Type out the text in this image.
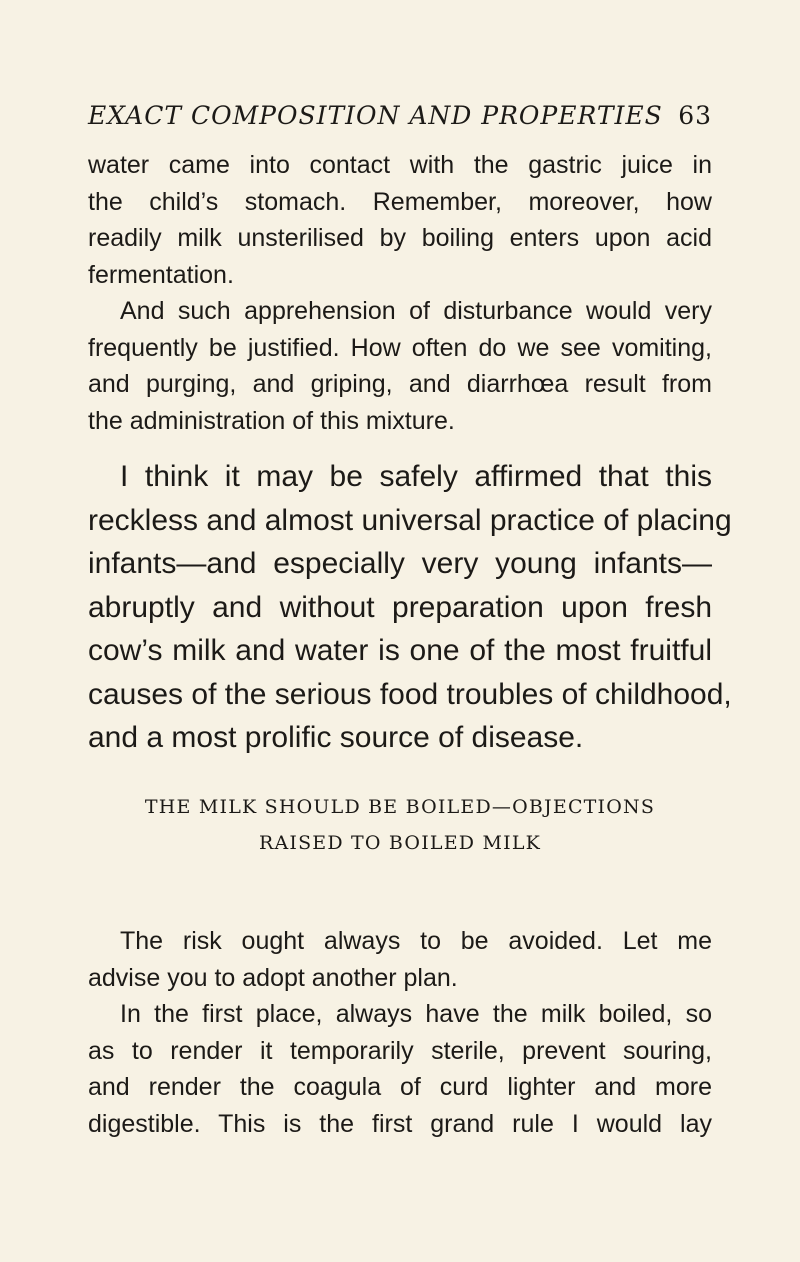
EXACT COMPOSITION AND PROPERTIES 63
water came into contact with the gastric juice in
the child’s stomach. Remember, moreover, how
readily milk unsterilised by boiling enters upon acid
fermentation.
And such apprehension of disturbance would very
frequently be justified. How often do we see vomiting,
and purging, and griping, and diarrhœa result from
the administration of this mixture.
I think it may be safely affirmed that this
reckless and almost universal practice of placing
infants—and especially very young infants—
abruptly and without preparation upon fresh
cow’s milk and water is one of the most fruitful
causes of the serious food troubles of childhood,
and a most prolific source of disease.
THE MILK SHOULD BE BOILED—OBJECTIONS
RAISED TO BOILED MILK
The risk ought always to be avoided. Let me
advise you to adopt another plan.
In the first place, always have the milk boiled, so
as to render it temporarily sterile, prevent souring,
and render the coagula of curd lighter and more
digestible. This is the first grand rule I would lay
